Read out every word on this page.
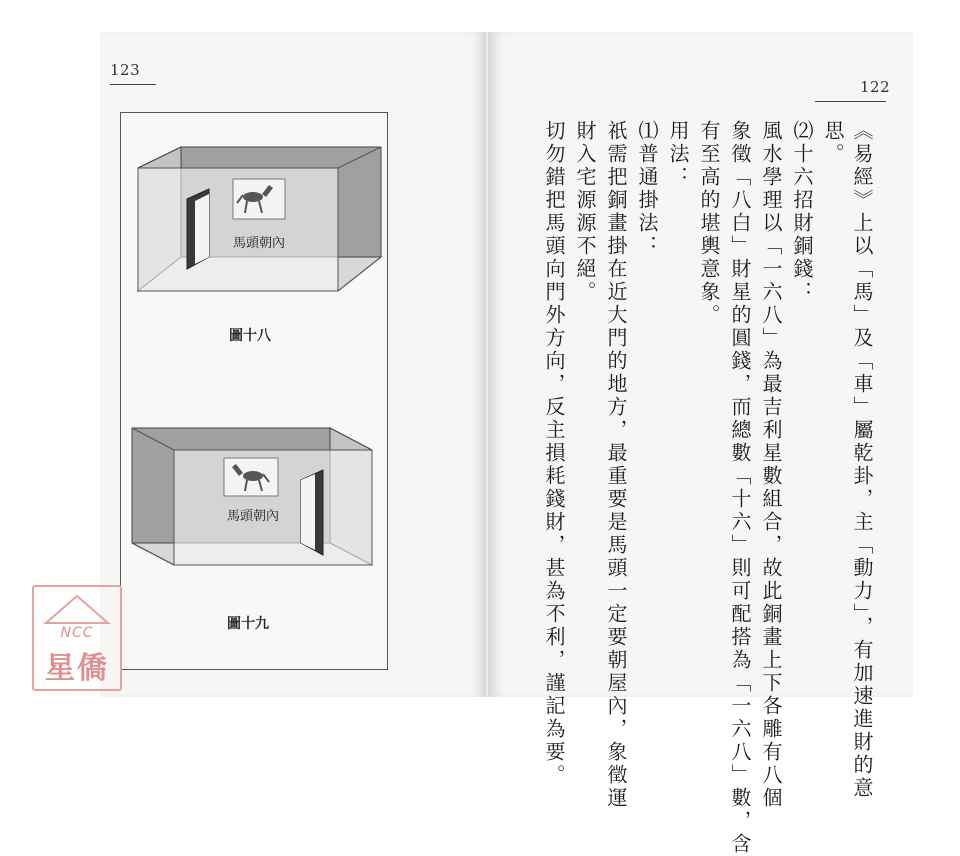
123

馬頭朝內
圖十八
馬頭朝內
圖十九
122
《易經》上以「馬」及「車」屬乾卦，主「動力」，有加速進財的意
思。
⑵十六招財銅錢：
風水學理以「一六八」為最吉利星數組合，故此銅畫上下各雕有八個
象徵「八白」財星的圓錢，而總數「十六」則可配搭為「一六八」數，含
有至高的堪輿意象。
用法：
⑴普通掛法：
祇需把銅畫掛在近大門的地方，最重要是馬頭一定要朝屋內，象徵運
財入宅源源不絕。
切勿錯把馬頭向門外方向，反主損耗錢財，甚為不利，謹記為要。
NCC
星僑
